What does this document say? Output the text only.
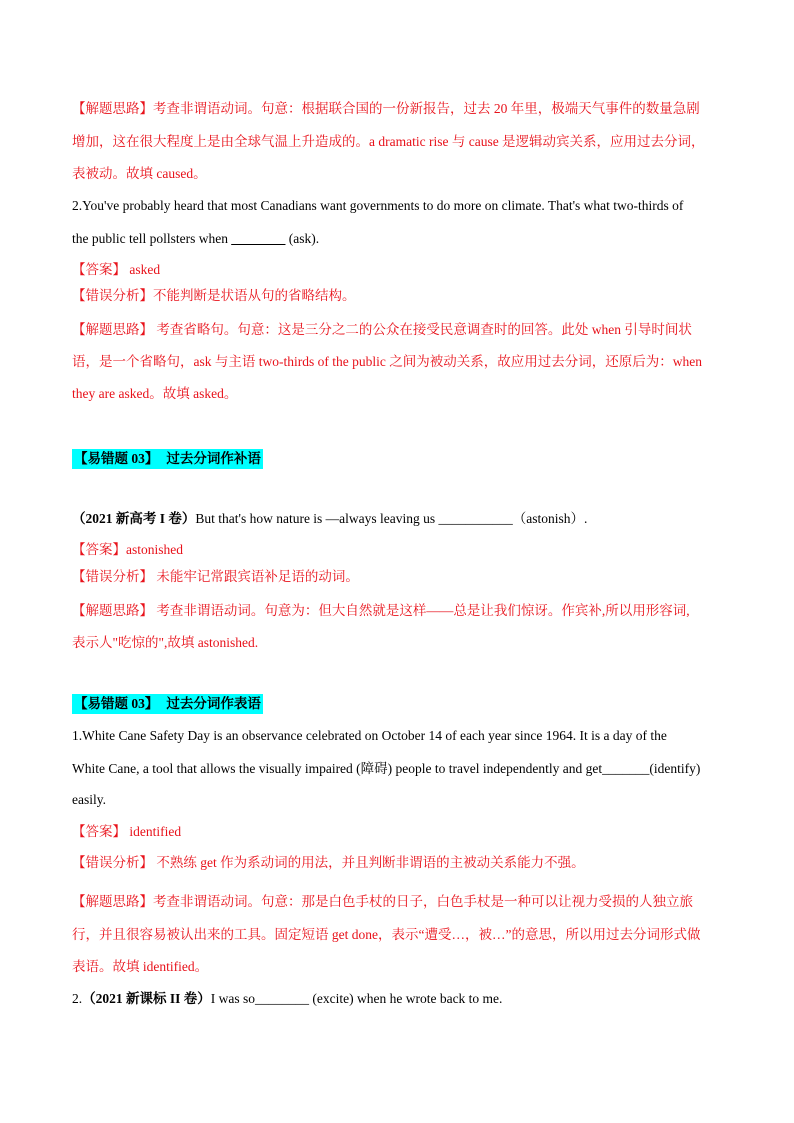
【解题思路】考查非谓语动词。句意：根据联合国的一份新报告，过去 20 年里，极端天气事件的数量急剧
增加，这在很大程度上是由全球气温上升造成的。a dramatic rise 与 cause 是逻辑动宾关系，应用过去分词，
表被动。故填 caused。
2.You've probably heard that most Canadians want governments to do more on climate. That's what two-thirds of
the public tell pollsters when ________ (ask).
【答案】 asked
【错误分析】不能判断是状语从句的省略结构。
【解题思路】 考查省略句。句意：这是三分之二的公众在接受民意调查时的回答。此处 when 引导时间状
语，是一个省略句，ask 与主语 two-thirds of the public 之间为被动关系，故应用过去分词，还原后为：when
they are asked。故填 asked。
【易错题 03】 过去分词作补语
（2021 新高考 I 卷）But that's how nature is —always leaving us ___________（astonish）.
【答案】astonished
【错误分析】 未能牢记常跟宾语补足语的动词。
【解题思路】 考查非谓语动词。句意为：但大自然就是这样——总是让我们惊讶。作宾补,所以用形容词,
表示人"吃惊的",故填 astonished.
【易错题 03】 过去分词作表语
1.White Cane Safety Day is an observance celebrated on October 14 of each year since 1964. It is a day of the
White Cane, a tool that allows the visually impaired (障碍) people to travel independently and get_______(identify)
easily.
【答案】 identified
【错误分析】 不熟练 get 作为系动词的用法，并且判断非谓语的主被动关系能力不强。
【解题思路】考查非谓语动词。句意：那是白色手杖的日子，白色手杖是一种可以让视力受损的人独立旅
行，并且很容易被认出来的工具。固定短语 get done，表示“遭受…，被…”的意思，所以用过去分词形式做
表语。故填 identified。
2.（2021 新课标 II 卷）I was so________ (excite) when he wrote back to me.
